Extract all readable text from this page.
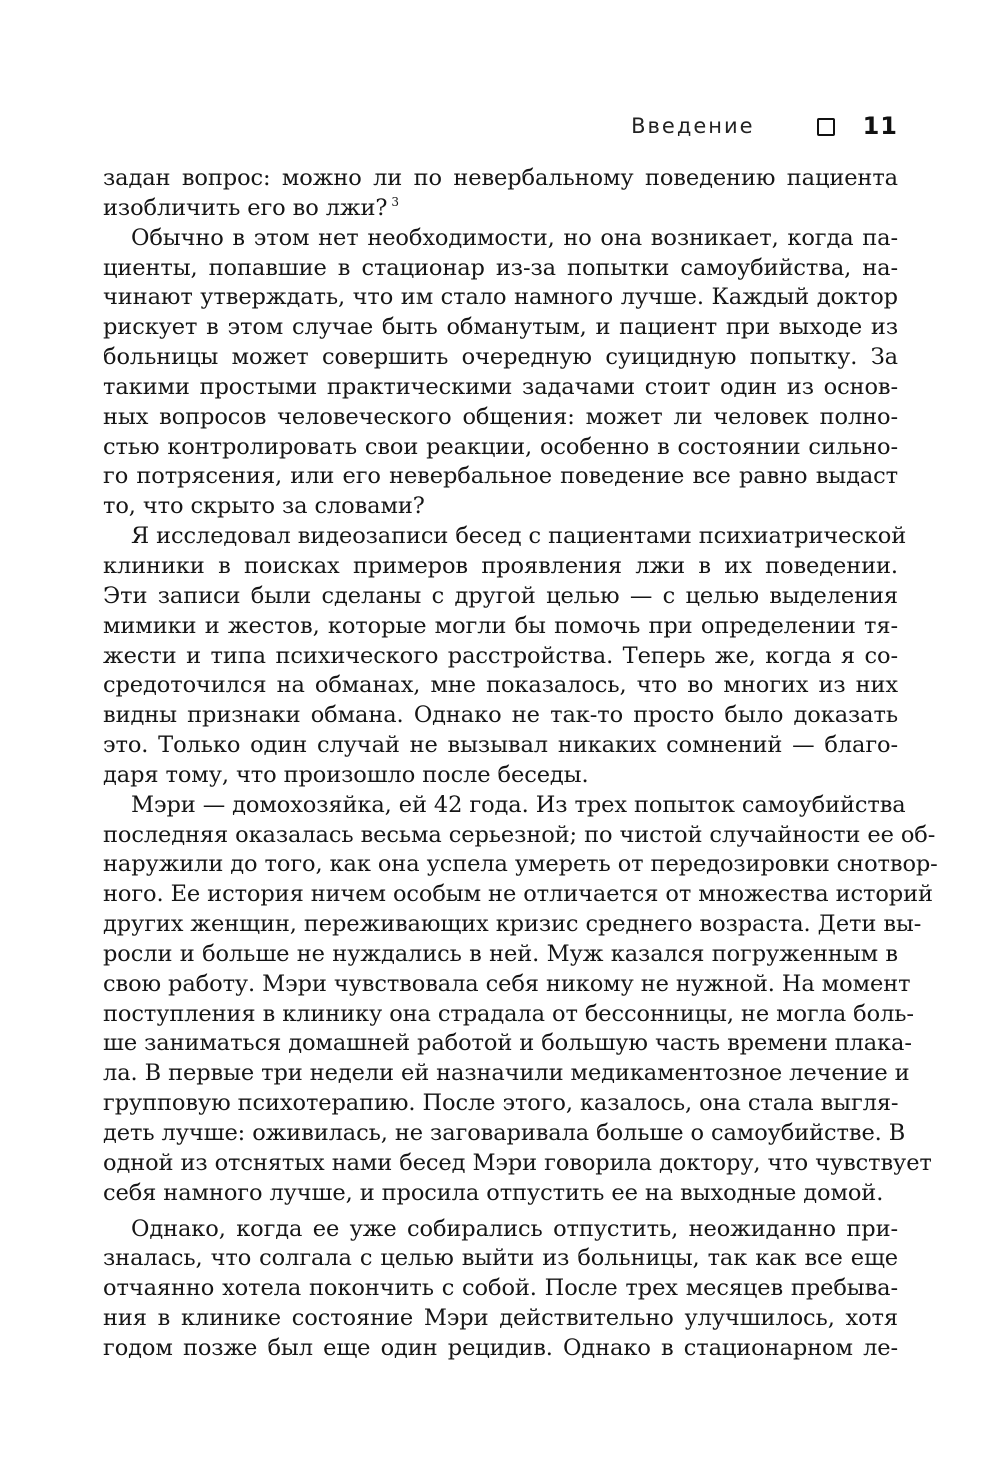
Введение	11
задан вопрос: можно ли по невербальному поведению пациента
изобличить его во лжи? $^3$
Обычно в этом нет необходимости, но она возникает, когда па-
циенты, попавшие в стационар из-за попытки самоубийства, на-
чинают утверждать, что им стало намного лучше. Каждый доктор
рискует в этом случае быть обманутым, и пациент при выходе из
больницы может совершить очередную суицидную попытку. За
такими простыми практическими задачами стоит один из основ-
ных вопросов человеческого общения: может ли человек полно-
стью контролировать свои реакции, особенно в состоянии сильно-
го потрясения, или его невербальное поведение все равно выдаст
то, что скрыто за словами?
Я исследовал видеозаписи бесед с пациентами психиатрической
клиники в поисках примеров проявления лжи в их поведении.
Эти записи были сделаны с другой целью — с целью выделения
мимики и жестов, которые могли бы помочь при определении тя-
жести и типа психического расстройства. Теперь же, когда я со-
средоточился на обманах, мне показалось, что во многих из них
видны признаки обмана. Однако не так-то просто было доказать
это. Только один случай не вызывал никаких сомнений — благо-
даря тому, что произошло после беседы.
Мэри — домохозяйка, ей 42 года. Из трех попыток самоубийства
последняя оказалась весьма серьезной; по чистой случайности ее об-
наружили до того, как она успела умереть от передозировки снотвор-
ного. Ее история ничем особым не отличается от множества историй
других женщин, переживающих кризис среднего возраста. Дети вы-
росли и больше не нуждались в ней. Муж казался погруженным в
свою работу. Мэри чувствовала себя никому не нужной. На момент
поступления в клинику она страдала от бессонницы, не могла боль-
ше заниматься домашней работой и большую часть времени плака-
ла. В первые три недели ей назначили медикаментозное лечение и
групповую психотерапию. После этого, казалось, она стала выгля-
деть лучше: оживилась, не заговаривала больше о самоубийстве. В
одной из отснятых нами бесед Мэри говорила доктору, что чувствует
себя намного лучше, и просила отпустить ее на выходные домой.
Однако, когда ее уже собирались отпустить, неожиданно при-
зналась, что солгала с целью выйти из больницы, так как все еще
отчаянно хотела покончить с собой. После трех месяцев пребыва-
ния в клинике состояние Мэри действительно улучшилось, хотя
годом позже был еще один рецидив. Однако в стационарном ле-
